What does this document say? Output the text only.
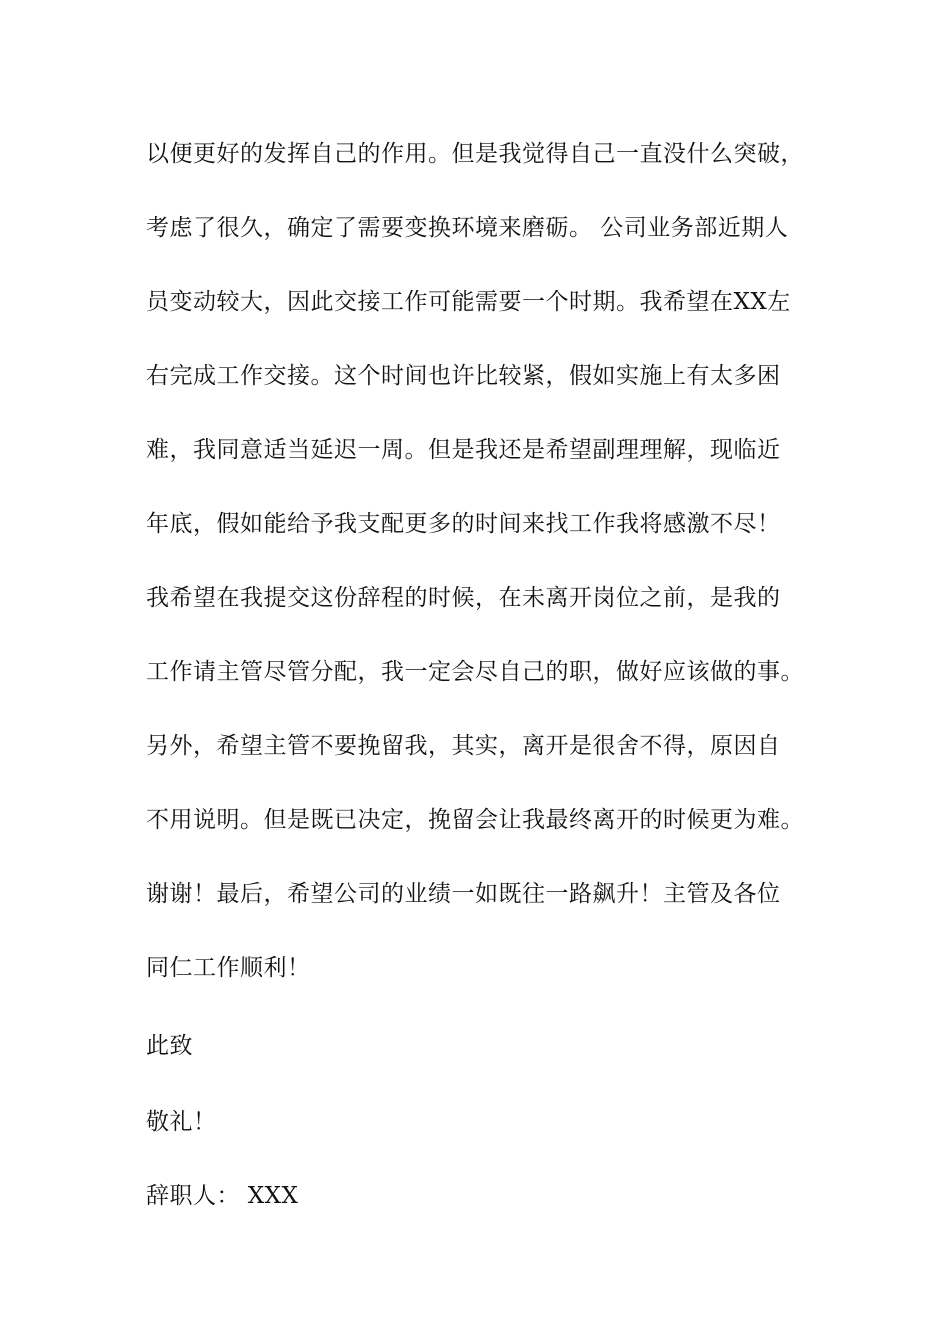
以便更好的发挥自己的作用。但是我觉得自己一直没什么突破，
考虑了很久，确定了需要变换环境来磨砺。 公司业务部近期人
员变动较大，因此交接工作可能需要一个时期。我希望在XX左
右完成工作交接。这个时间也许比较紧，假如实施上有太多困
难，我同意适当延迟一周。但是我还是希望副理理解，现临近
年底，假如能给予我支配更多的时间来找工作我将感激不尽！
我希望在我提交这份辞程的时候，在未离开岗位之前，是我的
工作请主管尽管分配，我一定会尽自己的职，做好应该做的事。
另外，希望主管不要挽留我，其实，离开是很舍不得，原因自
不用说明。但是既已决定，挽留会让我最终离开的时候更为难。
谢谢！最后，希望公司的业绩一如既往一路飙升！主管及各位
同仁工作顺利！
此致
敬礼！
辞职人： XXX
